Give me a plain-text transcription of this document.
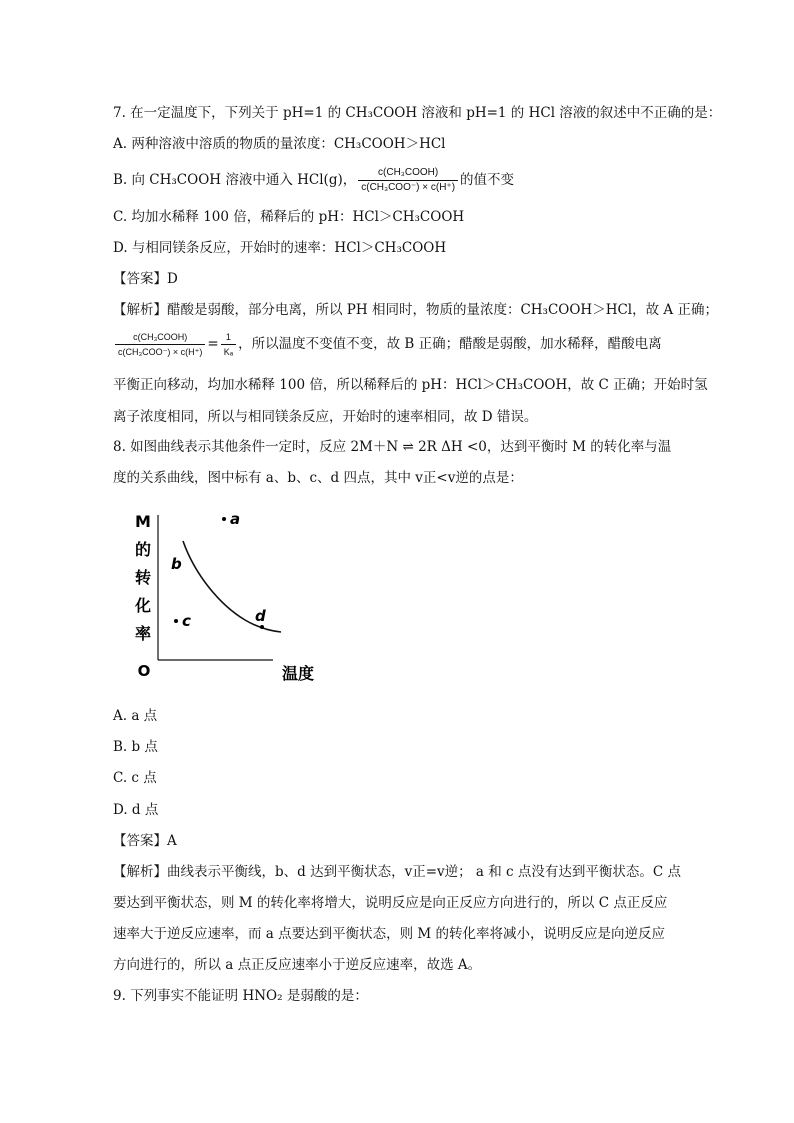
7. 在一定温度下，下列关于 pH=1 的 CH₃COOH 溶液和 pH=1 的 HCl 溶液的叙述中不正确的是：
A. 两种溶液中溶质的物质的量浓度：CH₃COOH＞HCl
B. 向 CH₃COOH 溶液中通入 HCl(g)， $\frac{\text{c(CH₃COOH)}}{\text{c(CH₃COO⁻) × c(H⁺)}}$ 的值不变
C. 均加水稀释 100 倍，稀释后的 pH：HCl＞CH₃COOH
D. 与相同镁条反应，开始时的速率：HCl＞CH₃COOH
【答案】D
【解析】醋酸是弱酸，部分电离，所以 PH 相同时，物质的量浓度：CH₃COOH＞HCl，故 A 正确；
$\frac{\text{c(CH₃COOH)}}{\text{c(CH₃COO⁻) × c(H⁺)}} = \frac{1}{\text{Kₐ}}$ ，所以温度不变值不变，故 B 正确；醋酸是弱酸，加水稀释，醋酸电离
平衡正向移动，均加水稀释 100 倍，所以稀释后的 pH：HCl＞CH₃COOH，故 C 正确；开始时氢
离子浓度相同，所以与相同镁条反应，开始时的速率相同，故 D 错误。
8. 如图曲线表示其他条件一定时，反应 2M＋N ⇌ 2R ΔH <0，达到平衡时 M 的转化率与温
度的关系曲线，图中标有 a、b、c、d 四点，其中 v正<v逆的点是：
M
的
转
化
率
O	温度
a
b
c	d
A. a 点
B. b 点
C. c 点
D. d 点
【答案】A
【解析】曲线表示平衡线，b、d 达到平衡状态，v正=v逆； a 和 c 点没有达到平衡状态。C 点
要达到平衡状态，则 M 的转化率将增大，说明反应是向正反应方向进行的，所以 C 点正反应
速率大于逆反应速率，而 a 点要达到平衡状态，则 M 的转化率将减小，说明反应是向逆反应
方向进行的，所以 a 点正反应速率小于逆反应速率，故选 A。
9. 下列事实不能证明 HNO₂ 是弱酸的是：
